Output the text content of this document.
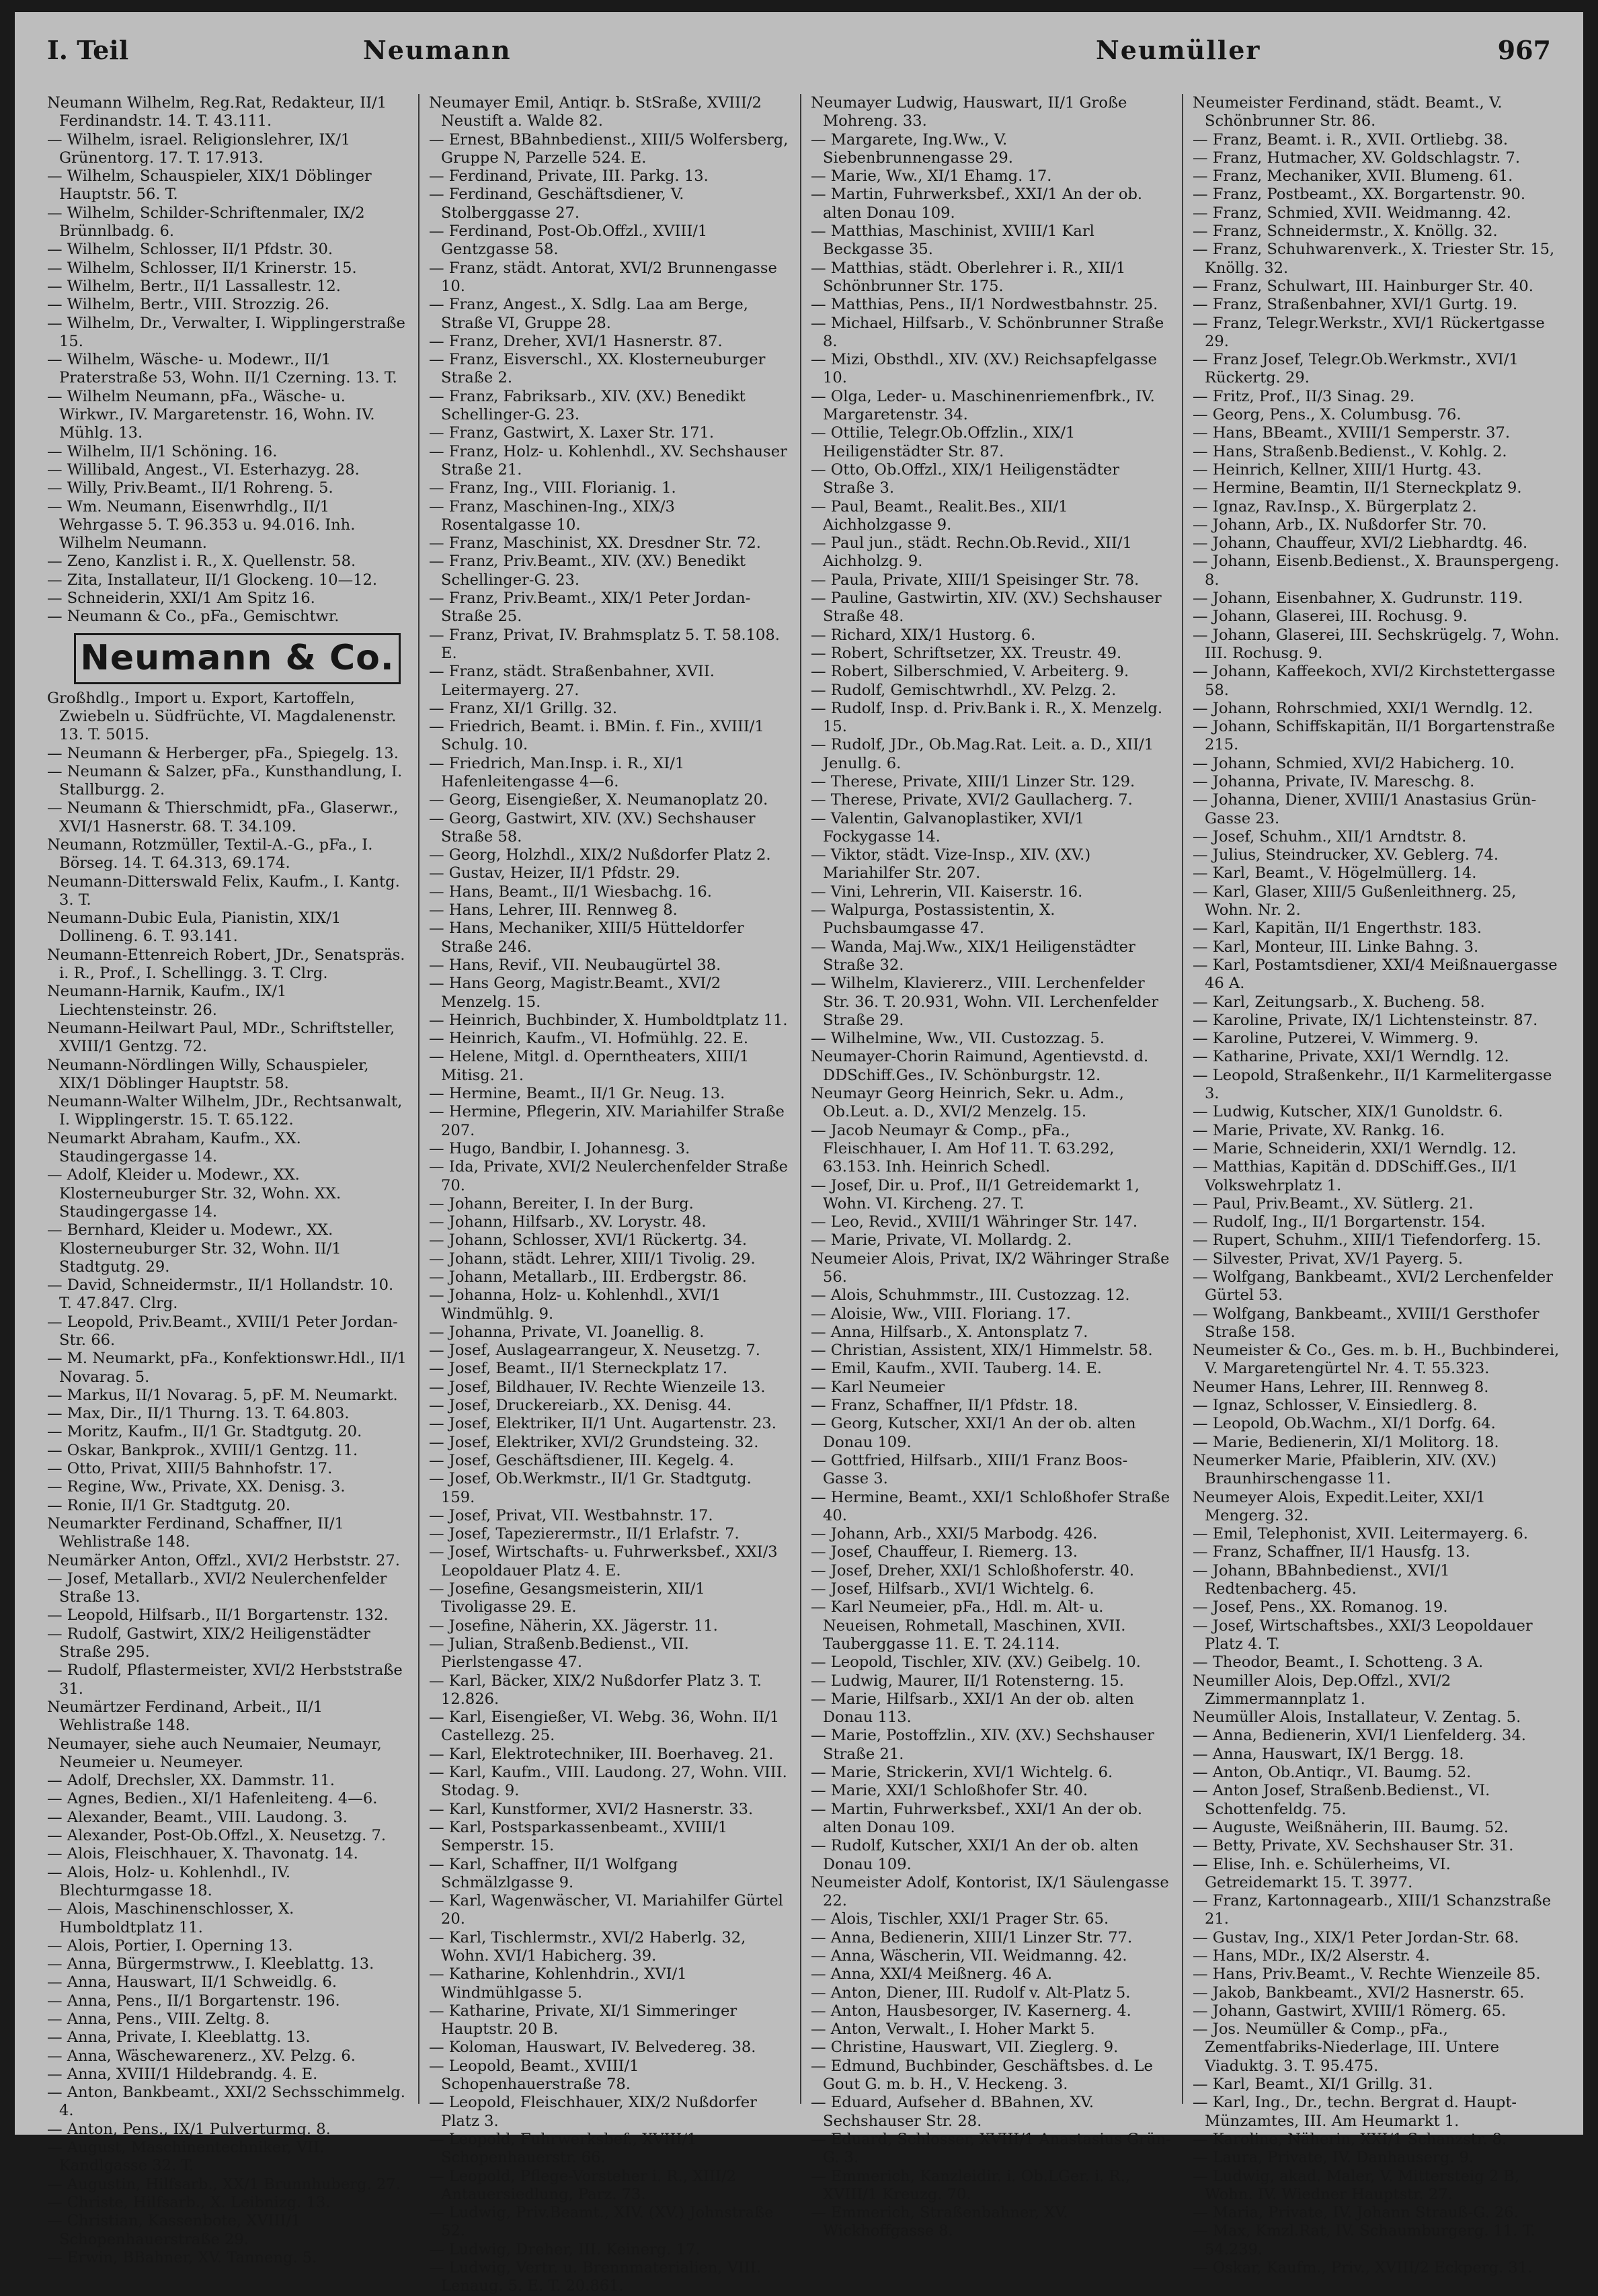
I. Teil	Neumann	Neumüller	967

Neumann Wilhelm, Reg.Rat, Redakteur, II/1 Ferdinandstr. 14. T. 43.111.

— Wilhelm, israel. Religionslehrer, IX/1 Grünentorg. 17. T. 17.913.

— Wilhelm, Schauspieler, XIX/1 Döblinger Hauptstr. 56. T.

— Wilhelm, Schilder-Schriftenmaler, IX/2 Brünnlbadg. 6.

— Wilhelm, Schlosser, II/1 Pfdstr. 30.

— Wilhelm, Schlosser, II/1 Krinerstr. 15.

— Wilhelm, Bertr., II/1 Lassallestr. 12.

— Wilhelm, Bertr., VIII. Strozzig. 26.

— Wilhelm, Dr., Verwalter, I. Wipplingerstraße 15.

— Wilhelm, Wäsche- u. Modewr., II/1 Praterstraße 53, Wohn. II/1 Czerning. 13. T.

— Wilhelm Neumann, pFa., Wäsche- u. Wirkwr., IV. Margaretenstr. 16, Wohn. IV. Mühlg. 13.

— Wilhelm, II/1 Schöning. 16.

— Willibald, Angest., VI. Esterhazyg. 28.

— Willy, Priv.Beamt., II/1 Rohreng. 5.

— Wm. Neumann, Eisenwrhdlg., II/1 Wehrgasse 5. T. 96.353 u. 94.016. Inh. Wilhelm Neumann.

— Zeno, Kanzlist i. R., X. Quellenstr. 58.

— Zita, Installateur, II/1 Glockeng. 10—12.

— Schneiderin, XXI/1 Am Spitz 16.

— Neumann & Co., pFa., Gemischtwr.

Neumann & Co.

Großhdlg., Import u. Export, Kartoffeln, Zwiebeln u. Südfrüchte, VI. Magdalenenstr. 13. T. 5015.

— Neumann & Herberger, pFa., Spiegelg. 13.

— Neumann & Salzer, pFa., Kunsthandlung, I. Stallburgg. 2.

— Neumann & Thierschmidt, pFa., Glaserwr., XVI/1 Hasnerstr. 68. T. 34.109.

Neumann, Rotzmüller, Textil-A.-G., pFa., I. Börseg. 14. T. 64.313, 69.174.

Neumann-Ditterswald Felix, Kaufm., I. Kantg. 3. T.

Neumann-Dubic Eula, Pianistin, XIX/1 Dollineng. 6. T. 93.141.

Neumann-Ettenreich Robert, JDr., Senatspräs. i. R., Prof., I. Schellingg. 3. T. Clrg.

Neumann-Harnik, Kaufm., IX/1 Liechtensteinstr. 26.

Neumann-Heilwart Paul, MDr., Schriftsteller, XVIII/1 Gentzg. 72.

Neumann-Nördlingen Willy, Schauspieler, XIX/1 Döblinger Hauptstr. 58.

Neumann-Walter Wilhelm, JDr., Rechtsanwalt, I. Wipplingerstr. 15. T. 65.122.

Neumarkt Abraham, Kaufm., XX. Staudingergasse 14.

— Adolf, Kleider u. Modewr., XX. Klosterneuburger Str. 32, Wohn. XX. Staudingergasse 14.

— Bernhard, Kleider u. Modewr., XX. Klosterneuburger Str. 32, Wohn. II/1 Stadtgutg. 29.

— David, Schneidermstr., II/1 Hollandstr. 10. T. 47.847. Clrg.

— Leopold, Priv.Beamt., XVIII/1 Peter Jordan-Str. 66.

— M. Neumarkt, pFa., Konfektionswr.Hdl., II/1 Novarag. 5.

— Markus, II/1 Novarag. 5, pF. M. Neumarkt.

— Max, Dir., II/1 Thurng. 13. T. 64.803.

— Moritz, Kaufm., II/1 Gr. Stadtgutg. 20.

— Oskar, Bankprok., XVIII/1 Gentzg. 11.

— Otto, Privat, XIII/5 Bahnhofstr. 17.

— Regine, Ww., Private, XX. Denisg. 3.

— Ronie, II/1 Gr. Stadtgutg. 20.

Neumarkter Ferdinand, Schaffner, II/1 Wehlistraße 148.

Neumärker Anton, Offzl., XVI/2 Herbststr. 27.

— Josef, Metallarb., XVI/2 Neulerchenfelder Straße 13.

— Leopold, Hilfsarb., II/1 Borgartenstr. 132.

— Rudolf, Gastwirt, XIX/2 Heiligenstädter Straße 295.

— Rudolf, Pflastermeister, XVI/2 Herbststraße 31.

Neumärtzer Ferdinand, Arbeit., II/1 Wehlistraße 148.

Neumayer, siehe auch Neumaier, Neumayr, Neumeier u. Neumeyer.

— Adolf, Drechsler, XX. Dammstr. 11.

— Agnes, Bedien., XI/1 Hafenleiteng. 4—6.

— Alexander, Beamt., VIII. Laudong. 3.

— Alexander, Post-Ob.Offzl., X. Neusetzg. 7.

— Alois, Fleischhauer, X. Thavonatg. 14.

— Alois, Holz- u. Kohlenhdl., IV. Blechturmgasse 18.

— Alois, Maschinenschlosser, X. Humboldtplatz 11.

— Alois, Portier, I. Operning 13.

— Anna, Bürgermstrww., I. Kleeblattg. 13.

— Anna, Hauswart, II/1 Schweidlg. 6.

— Anna, Pens., II/1 Borgartenstr. 196.

— Anna, Pens., VIII. Zeltg. 8.

— Anna, Private, I. Kleeblattg. 13.

— Anna, Wäschewarenerz., XV. Pelzg. 6.

— Anna, XVIII/1 Hildebrandg. 4. E.

— Anton, Bankbeamt., XXI/2 Sechsschimmelg. 4.

— Anton, Pens., IX/1 Pulverturmg. 8.

— August, Maschinentechniker, VII. Kandlgasse 32. T.

— Augustin, Hilfsarb., XX/1 Brunnhuberg. 27.

— Christe, Hilfsarb., X. Leibnizg. 13.

— Christian, Kassenbote, XVIII/1 Schopenhauerstraße 29.

— Erwin, BBahner, XV. Tanneng. 5.

Neumayer Emil, Antiqr. b. StSraße, XVIII/2 Neustift a. Walde 82.

— Ernest, BBahnbedienst., XIII/5 Wolfersberg, Gruppe N, Parzelle 524. E.

— Ferdinand, Private, III. Parkg. 13.

— Ferdinand, Geschäftsdiener, V. Stolberggasse 27.

— Ferdinand, Post-Ob.Offzl., XVIII/1 Gentzgasse 58.

— Franz, städt. Antorat, XVI/2 Brunnengasse 10.

— Franz, Angest., X. Sdlg. Laa am Berge, Straße VI, Gruppe 28.

— Franz, Dreher, XVI/1 Hasnerstr. 87.

— Franz, Eisverschl., XX. Klosterneuburger Straße 2.

— Franz, Fabriksarb., XIV. (XV.) Benedikt Schellinger-G. 23.

— Franz, Gastwirt, X. Laxer Str. 171.

— Franz, Holz- u. Kohlenhdl., XV. Sechshauser Straße 21.

— Franz, Ing., VIII. Florianig. 1.

— Franz, Maschinen-Ing., XIX/3 Rosentalgasse 10.

— Franz, Maschinist, XX. Dresdner Str. 72.

— Franz, Priv.Beamt., XIV. (XV.) Benedikt Schellinger-G. 23.

— Franz, Priv.Beamt., XIX/1 Peter Jordan-Straße 25.

— Franz, Privat, IV. Brahmsplatz 5. T. 58.108. E.

— Franz, städt. Straßenbahner, XVII. Leitermayerg. 27.

— Franz, XI/1 Grillg. 32.

— Friedrich, Beamt. i. BMin. f. Fin., XVIII/1 Schulg. 10.

— Friedrich, Man.Insp. i. R., XI/1 Hafenleitengasse 4—6.

— Georg, Eisengießer, X. Neumanoplatz 20.

— Georg, Gastwirt, XIV. (XV.) Sechshauser Straße 58.

— Georg, Holzhdl., XIX/2 Nußdorfer Platz 2.

— Gustav, Heizer, II/1 Pfdstr. 29.

— Hans, Beamt., II/1 Wiesbachg. 16.

— Hans, Lehrer, III. Rennweg 8.

— Hans, Mechaniker, XIII/5 Hütteldorfer Straße 246.

— Hans, Revif., VII. Neubaugürtel 38.

— Hans Georg, Magistr.Beamt., XVI/2 Menzelg. 15.

— Heinrich, Buchbinder, X. Humboldtplatz 11.

— Heinrich, Kaufm., VI. Hofmühlg. 22. E.

— Helene, Mitgl. d. Operntheaters, XIII/1 Mitisg. 21.

— Hermine, Beamt., II/1 Gr. Neug. 13.

— Hermine, Pflegerin, XIV. Mariahilfer Straße 207.

— Hugo, Bandbir, I. Johannesg. 3.

— Ida, Private, XVI/2 Neulerchenfelder Straße 70.

— Johann, Bereiter, I. In der Burg.

— Johann, Hilfsarb., XV. Lorystr. 48.

— Johann, Schlosser, XVI/1 Rückertg. 34.

— Johann, städt. Lehrer, XIII/1 Tivolig. 29.

— Johann, Metallarb., III. Erdbergstr. 86.

— Johanna, Holz- u. Kohlenhdl., XVI/1 Windmühlg. 9.

— Johanna, Private, VI. Joanellig. 8.

— Josef, Auslagearrangeur, X. Neusetzg. 7.

— Josef, Beamt., II/1 Sterneckplatz 17.

— Josef, Bildhauer, IV. Rechte Wienzeile 13.

— Josef, Druckereiarb., XX. Denisg. 44.

— Josef, Elektriker, II/1 Unt. Augartenstr. 23.

— Josef, Elektriker, XVI/2 Grundsteing. 32.

— Josef, Geschäftsdiener, III. Kegelg. 4.

— Josef, Ob.Werkmstr., II/1 Gr. Stadtgutg. 159.

— Josef, Privat, VII. Westbahnstr. 17.

— Josef, Tapezierermstr., II/1 Erlafstr. 7.

— Josef, Wirtschafts- u. Fuhrwerksbef., XXI/3 Leopoldauer Platz 4. E.

— Josefine, Gesangsmeisterin, XII/1 Tivoligasse 29. E.

— Josefine, Näherin, XX. Jägerstr. 11.

— Julian, Straßenb.Bedienst., VII. Pierlstengasse 47.

— Karl, Bäcker, XIX/2 Nußdorfer Platz 3. T. 12.826.

— Karl, Eisengießer, VI. Webg. 36, Wohn. II/1 Castellezg. 25.

— Karl, Elektrotechniker, III. Boerhaveg. 21.

— Karl, Kaufm., VIII. Laudong. 27, Wohn. VIII. Stodag. 9.

— Karl, Kunstformer, XVI/2 Hasnerstr. 33.

— Karl, Postsparkassenbeamt., XVIII/1 Semperstr. 15.

— Karl, Schaffner, II/1 Wolfgang Schmälzlgasse 9.

— Karl, Wagenwäscher, VI. Mariahilfer Gürtel 20.

— Karl, Tischlermstr., XVI/2 Haberlg. 32, Wohn. XVI/1 Habicherg. 39.

— Katharine, Kohlenhdrin., XVI/1 Windmühlgasse 5.

— Katharine, Private, XI/1 Simmeringer Hauptstr. 20 B.

— Koloman, Hauswart, IV. Belvedereg. 38.

— Leopold, Beamt., XVIII/1 Schopenhauerstraße 78.

— Leopold, Fleischhauer, XIX/2 Nußdorfer Platz 3.

— Leopold, Fuhrwerksbef., XVIII/1 Schopenhauerstr. 66.

— Leopold, Pflege-Vorsteher i. R., XIII/2 Antauersiedlung, Parz. 73.

— Ludwig, Priv.Beamt., XIV. (XV.) Johnstraße 52.

— Ludwig, Dreher, III. Keinerg. 17.

— Ludwig, Vertr. u. Brennmaterialien, VIII. Lenaug. 5. E. T. 20.861.

Neumayer Ludwig, Hauswart, II/1 Große Mohreng. 33.

— Margarete, Ing.Ww., V. Siebenbrunnengasse 29.

— Marie, Ww., XI/1 Ehamg. 17.

— Martin, Fuhrwerksbef., XXI/1 An der ob. alten Donau 109.

— Matthias, Maschinist, XVIII/1 Karl Beckgasse 35.

— Matthias, städt. Oberlehrer i. R., XII/1 Schönbrunner Str. 175.

— Matthias, Pens., II/1 Nordwestbahnstr. 25.

— Michael, Hilfsarb., V. Schönbrunner Straße 8.

— Mizi, Obsthdl., XIV. (XV.) Reichsapfelgasse 10.

— Olga, Leder- u. Maschinenriemenfbrk., IV. Margaretenstr. 34.

— Ottilie, Telegr.Ob.Offzlin., XIX/1 Heiligenstädter Str. 87.

— Otto, Ob.Offzl., XIX/1 Heiligenstädter Straße 3.

— Paul, Beamt., Realit.Bes., XII/1 Aichholzgasse 9.

— Paul jun., städt. Rechn.Ob.Revid., XII/1 Aichholzg. 9.

— Paula, Private, XIII/1 Speisinger Str. 78.

— Pauline, Gastwirtin, XIV. (XV.) Sechshauser Straße 48.

— Richard, XIX/1 Hustorg. 6.

— Robert, Schriftsetzer, XX. Treustr. 49.

— Robert, Silberschmied, V. Arbeiterg. 9.

— Rudolf, Gemischtwrhdl., XV. Pelzg. 2.

— Rudolf, Insp. d. Priv.Bank i. R., X. Menzelg. 15.

— Rudolf, JDr., Ob.Mag.Rat. Leit. a. D., XII/1 Jenullg. 6.

— Therese, Private, XIII/1 Linzer Str. 129.

— Therese, Private, XVI/2 Gaullacherg. 7.

— Valentin, Galvanoplastiker, XVI/1 Fockygasse 14.

— Viktor, städt. Vize-Insp., XIV. (XV.) Mariahilfer Str. 207.

— Vini, Lehrerin, VII. Kaiserstr. 16.

— Walpurga, Postassistentin, X. Puchsbaumgasse 47.

— Wanda, Maj.Ww., XIX/1 Heiligenstädter Straße 32.

— Wilhelm, Klaviererz., VIII. Lerchenfelder Str. 36. T. 20.931, Wohn. VII. Lerchenfelder Straße 29.

— Wilhelmine, Ww., VII. Custozzag. 5.

Neumayer-Chorin Raimund, Agentievstd. d. DDSchiff.Ges., IV. Schönburgstr. 12.

Neumayr Georg Heinrich, Sekr. u. Adm., Ob.Leut. a. D., XVI/2 Menzelg. 15.

— Jacob Neumayr & Comp., pFa., Fleischhauer, I. Am Hof 11. T. 63.292, 63.153. Inh. Heinrich Schedl.

— Josef, Dir. u. Prof., II/1 Getreidemarkt 1, Wohn. VI. Kircheng. 27. T.

— Leo, Revid., XVIII/1 Währinger Str. 147.

— Marie, Private, VI. Mollardg. 2.

Neumeier Alois, Privat, IX/2 Währinger Straße 56.

— Alois, Schuhmmstr., III. Custozzag. 12.

— Aloisie, Ww., VIII. Floriang. 17.

— Anna, Hilfsarb., X. Antonsplatz 7.

— Christian, Assistent, XIX/1 Himmelstr. 58.

— Emil, Kaufm., XVII. Tauberg. 14. E.

— Karl Neumeier

— Franz, Schaffner, II/1 Pfdstr. 18.

— Georg, Kutscher, XXI/1 An der ob. alten Donau 109.

— Gottfried, Hilfsarb., XIII/1 Franz Boos-Gasse 3.

— Hermine, Beamt., XXI/1 Schloßhofer Straße 40.

— Johann, Arb., XXI/5 Marbodg. 426.

— Josef, Chauffeur, I. Riemerg. 13.

— Josef, Dreher, XXI/1 Schloßhoferstr. 40.

— Josef, Hilfsarb., XVI/1 Wichtelg. 6.

— Karl Neumeier, pFa., Hdl. m. Alt- u. Neueisen, Rohmetall, Maschinen, XVII. Tauberggasse 11. E. T. 24.114.

— Leopold, Tischler, XIV. (XV.) Geibelg. 10.

— Ludwig, Maurer, II/1 Rotensterng. 15.

— Marie, Hilfsarb., XXI/1 An der ob. alten Donau 113.

— Marie, Postoffzlin., XIV. (XV.) Sechshauser Straße 21.

— Marie, Strickerin, XVI/1 Wichtelg. 6.

— Marie, XXI/1 Schloßhofer Str. 40.

— Martin, Fuhrwerksbef., XXI/1 An der ob. alten Donau 109.

— Rudolf, Kutscher, XXI/1 An der ob. alten Donau 109.

Neumeister Adolf, Kontorist, IX/1 Säulengasse 22.

— Alois, Tischler, XXI/1 Prager Str. 65.

— Anna, Bedienerin, XIII/1 Linzer Str. 77.

— Anna, Wäscherin, VII. Weidmanng. 42.

— Anna, XXI/4 Meißnerg. 46 A.

— Anton, Diener, III. Rudolf v. Alt-Platz 5.

— Anton, Hausbesorger, IV. Kasernerg. 4.

— Anton, Verwalt., I. Hoher Markt 5.

— Christine, Hauswart, VII. Zieglerg. 9.

— Edmund, Buchbinder, Geschäftsbes. d. Le Gout G. m. b. H., V. Heckeng. 3.

— Eduard, Aufseher d. BBahnen, XV. Sechshauser Str. 28.

— Eduard, Schlosser, XVIII/1 Anastasius Grün-G. 3.

— Emmerich, Kanzleidir. i. Ob.LGer. i. R., XVIII/1 Kreuzg. 70.

— Emmerich, Straßenbahner, XV. Wickhoffgasse 8.

Neumeister Ferdinand, städt. Beamt., V. Schönbrunner Str. 86.

— Franz, Beamt. i. R., XVII. Ortliebg. 38.

— Franz, Hutmacher, XV. Goldschlagstr. 7.

— Franz, Mechaniker, XVII. Blumeng. 61.

— Franz, Postbeamt., XX. Borgartenstr. 90.

— Franz, Schmied, XVII. Weidmanng. 42.

— Franz, Schneidermstr., X. Knöllg. 32.

— Franz, Schuhwarenverk., X. Triester Str. 15, Knöllg. 32.

— Franz, Schulwart, III. Hainburger Str. 40.

— Franz, Straßenbahner, XVI/1 Gurtg. 19.

— Franz, Telegr.Werkstr., XVI/1 Rückertgasse 29.

— Franz Josef, Telegr.Ob.Werkmstr., XVI/1 Rückertg. 29.

— Fritz, Prof., II/3 Sinag. 29.

— Georg, Pens., X. Columbusg. 76.

— Hans, BBeamt., XVIII/1 Semperstr. 37.

— Hans, Straßenb.Bedienst., V. Kohlg. 2.

— Heinrich, Kellner, XIII/1 Hurtg. 43.

— Hermine, Beamtin, II/1 Sterneckplatz 9.

— Ignaz, Rav.Insp., X. Bürgerplatz 2.

— Johann, Arb., IX. Nußdorfer Str. 70.

— Johann, Chauffeur, XVI/2 Liebhardtg. 46.

— Johann, Eisenb.Bedienst., X. Braunspergeng. 8.

— Johann, Eisenbahner, X. Gudrunstr. 119.

— Johann, Glaserei, III. Rochusg. 9.

— Johann, Glaserei, III. Sechskrügelg. 7, Wohn. III. Rochusg. 9.

— Johann, Kaffeekoch, XVI/2 Kirchstettergasse 58.

— Johann, Rohrschmied, XXI/1 Werndlg. 12.

— Johann, Schiffskapitän, II/1 Borgartenstraße 215.

— Johann, Schmied, XVI/2 Habicherg. 10.

— Johanna, Private, IV. Mareschg. 8.

— Johanna, Diener, XVIII/1 Anastasius Grün-Gasse 23.

— Josef, Schuhm., XII/1 Arndtstr. 8.

— Julius, Steindrucker, XV. Geblerg. 74.

— Karl, Beamt., V. Högelmüllerg. 14.

— Karl, Glaser, XIII/5 Gußenleithnerg. 25, Wohn. Nr. 2.

— Karl, Kapitän, II/1 Engerthstr. 183.

— Karl, Monteur, III. Linke Bahng. 3.

— Karl, Postamtsdiener, XXI/4 Meißnauergasse 46 A.

— Karl, Zeitungsarb., X. Bucheng. 58.

— Karoline, Private, IX/1 Lichtensteinstr. 87.

— Karoline, Putzerei, V. Wimmerg. 9.

— Katharine, Private, XXI/1 Werndlg. 12.

— Leopold, Straßenkehr., II/1 Karmelitergasse 3.

— Ludwig, Kutscher, XIX/1 Gunoldstr. 6.

— Marie, Private, XV. Rankg. 16.

— Marie, Schneiderin, XXI/1 Werndlg. 12.

— Matthias, Kapitän d. DDSchiff.Ges., II/1 Volkswehrplatz 1.

— Paul, Priv.Beamt., XV. Sütlerg. 21.

— Rudolf, Ing., II/1 Borgartenstr. 154.

— Rupert, Schuhm., XIII/1 Tiefendorferg. 15.

— Silvester, Privat, XV/1 Payerg. 5.

— Wolfgang, Bankbeamt., XVI/2 Lerchenfelder Gürtel 53.

— Wolfgang, Bankbeamt., XVIII/1 Gersthofer Straße 158.

Neumeister & Co., Ges. m. b. H., Buchbinderei, V. Margaretengürtel Nr. 4. T. 55.323.

Neumer Hans, Lehrer, III. Rennweg 8.

— Ignaz, Schlosser, V. Einsiedlerg. 8.

— Leopold, Ob.Wachm., XI/1 Dorfg. 64.

— Marie, Bedienerin, XI/1 Molitorg. 18.

Neumerker Marie, Pfaiblerin, XIV. (XV.) Braunhirschengasse 11.

Neumeyer Alois, Expedit.Leiter, XXI/1 Mengerg. 32.

— Emil, Telephonist, XVII. Leitermayerg. 6.

— Franz, Schaffner, II/1 Hausfg. 13.

— Johann, BBahnbedienst., XVI/1 Redtenbacherg. 45.

— Josef, Pens., XX. Romanog. 19.

— Josef, Wirtschaftsbes., XXI/3 Leopoldauer Platz 4. T.

— Theodor, Beamt., I. Schotteng. 3 A.

Neumiller Alois, Dep.Offzl., XVI/2 Zimmermannplatz 1.

Neumüller Alois, Installateur, V. Zentag. 5.

— Anna, Bedienerin, XVI/1 Lienfelderg. 34.

— Anna, Hauswart, IX/1 Bergg. 18.

— Anton, Ob.Antiqr., VI. Baumg. 52.

— Anton Josef, Straßenb.Bedienst., VI. Schottenfeldg. 75.

— Auguste, Weißnäherin, III. Baumg. 52.

— Betty, Private, XV. Sechshauser Str. 31.

— Elise, Inh. e. Schülerheims, VI. Getreidemarkt 15. T. 3977.

— Franz, Kartonnagearb., XIII/1 Schanzstraße 21.

— Gustav, Ing., XIX/1 Peter Jordan-Str. 68.

— Hans, MDr., IX/2 Alserstr. 4.

— Hans, Priv.Beamt., V. Rechte Wienzeile 85.

— Jakob, Bankbeamt., XVI/2 Hasnerstr. 65.

— Johann, Gastwirt, XVIII/1 Römerg. 65.

— Jos. Neumüller & Comp., pFa., Zementfabriks-Niederlage, III. Untere Viaduktg. 3. T. 95.475.

— Karl, Beamt., XI/1 Grillg. 31.

— Karl, Ing., Dr., techn. Bergrat d. Haupt-Münzamtes, III. Am Heumarkt 1.

— Karoline, Näherin, XXI/1 Schanzstr. 8.

— Laura, Private, IV. Danhauserg. 9.

— Ludwig, akad. Maler, V. Mittersteig 2 B, Wohn. IV. Wiedner Hauptstr. 27.

— Maria, Private, IV. Johann Strauß-G. 26.

— Max, Kmzl.Rat, IV. Schaumburgerg. 11. T. 54.239.

— Oskar, Kaufm., Priv., XVIII/2 Eckperg. 31.
